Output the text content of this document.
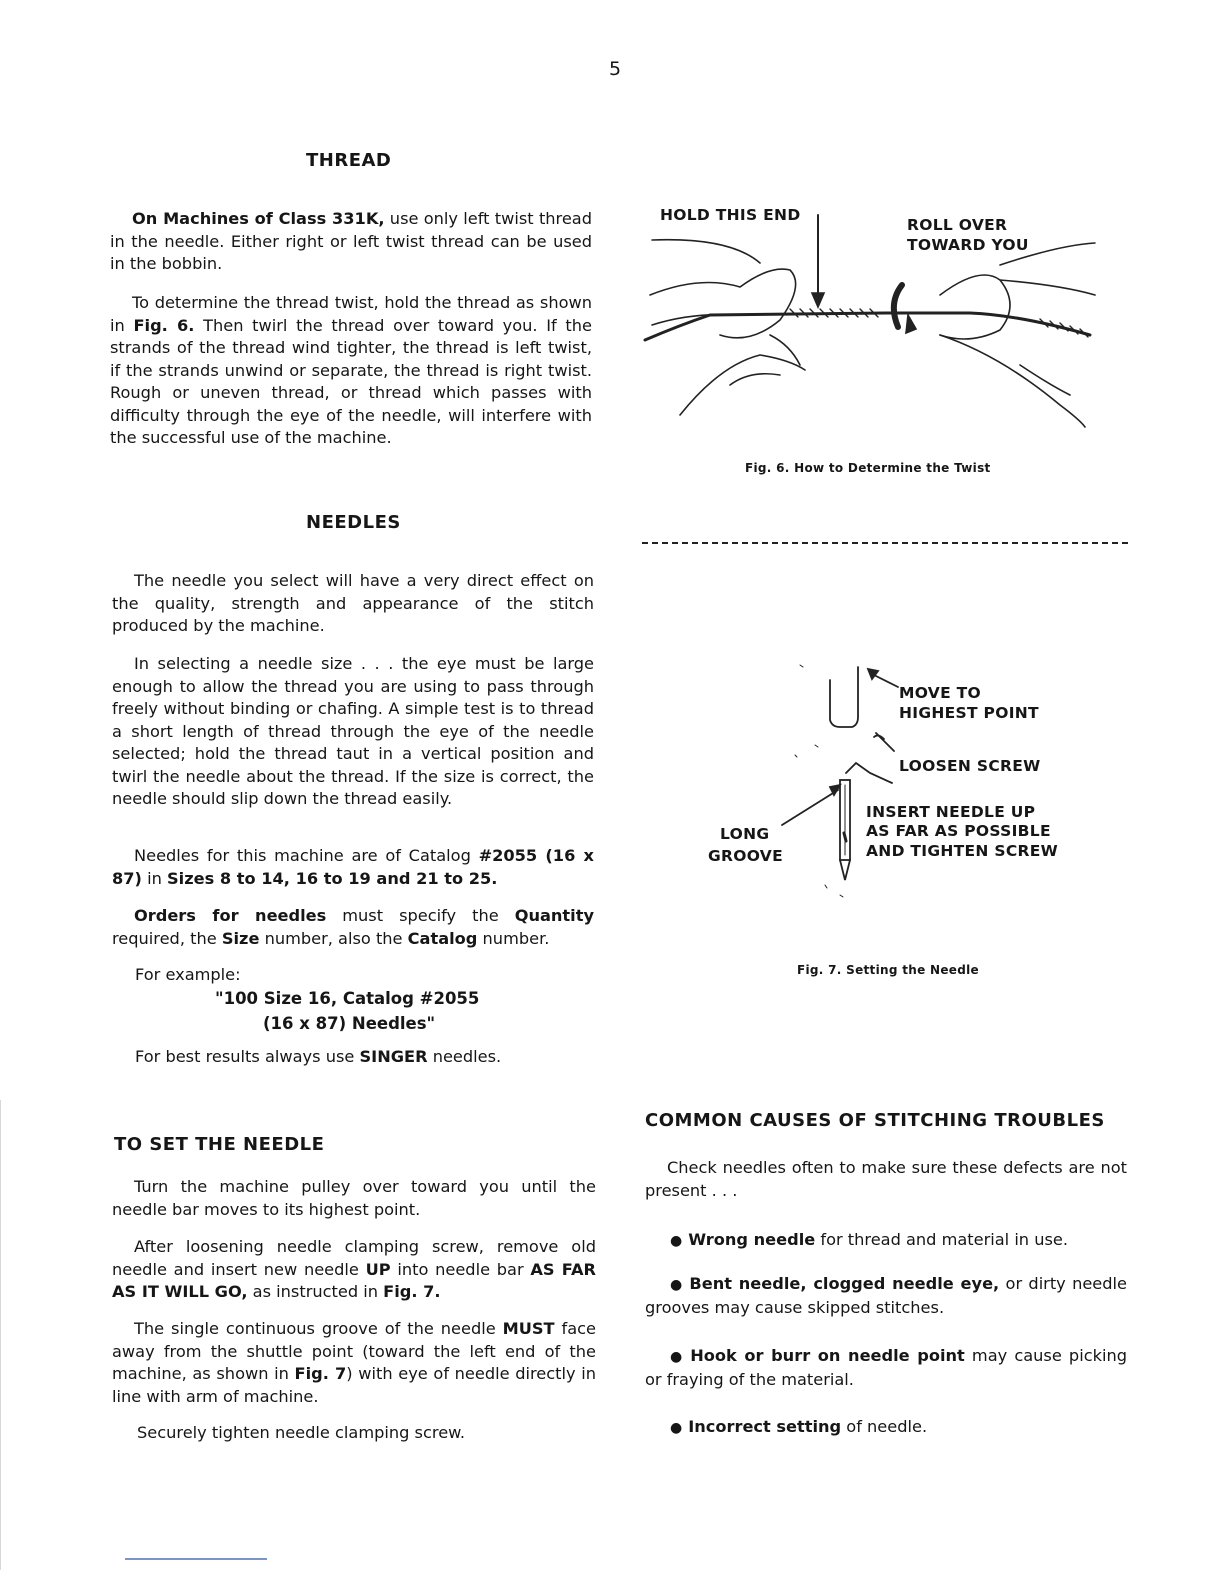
5
THREAD

On Machines of Class 331K, use only left twist thread in the needle. Either right or left twist thread can be used in the bobbin.

To determine the thread twist, hold the thread as shown in Fig. 6. Then twirl the thread over toward you. If the strands of the thread wind tighter, the thread is left twist, if the strands unwind or separate, the thread is right twist. Rough or uneven thread, or thread which passes with difficulty through the eye of the needle, will interfere with the successful use of the machine.

HOLD THIS END
ROLL OVER
TOWARD YOU
Fig. 6. How to Determine the Twist
NEEDLES

The needle you select will have a very direct effect on the quality, strength and appearance of the stitch produced by the machine.

In selecting a needle size . . . the eye must be large enough to allow the thread you are using to pass through freely without binding or chafing. A simple test is to thread a short length of thread through the eye of the needle selected; hold the thread taut in a vertical position and twirl the needle about the thread. If the size is correct, the needle should slip down the thread easily.

Needles for this machine are of Catalog #2055 (16 x 87) in Sizes 8 to 14, 16 to 19 and 21 to 25.

Orders for needles must specify the Quantity required, the Size number, also the Catalog number.

For example:
"100 Size 16, Catalog #2055
(16 x 87) Needles"

For best results always use SINGER needles.

MOVE TO
HIGHEST POINT
LOOSEN SCREW
INSERT NEEDLE UP
AS FAR AS POSSIBLE
AND TIGHTEN SCREW
LONG
GROOVE
Fig. 7. Setting the Needle
TO SET THE NEEDLE

Turn the machine pulley over toward you until the needle bar moves to its highest point.

After loosening needle clamping screw, remove old needle and insert new needle UP into needle bar AS FAR AS IT WILL GO, as instructed in Fig. 7.

The single continuous groove of the needle MUST face away from the shuttle point (toward the left end of the machine, as shown in Fig. 7) with eye of needle directly in line with arm of machine.

Securely tighten needle clamping screw.

COMMON CAUSES OF STITCHING TROUBLES

Check needles often to make sure these defects are not present . . .

● Wrong needle for thread and material in use.

● Bent needle, clogged needle eye, or dirty needle grooves may cause skipped stitches.

● Hook or burr on needle point may cause picking or fraying of the material.

● Incorrect setting of needle.
